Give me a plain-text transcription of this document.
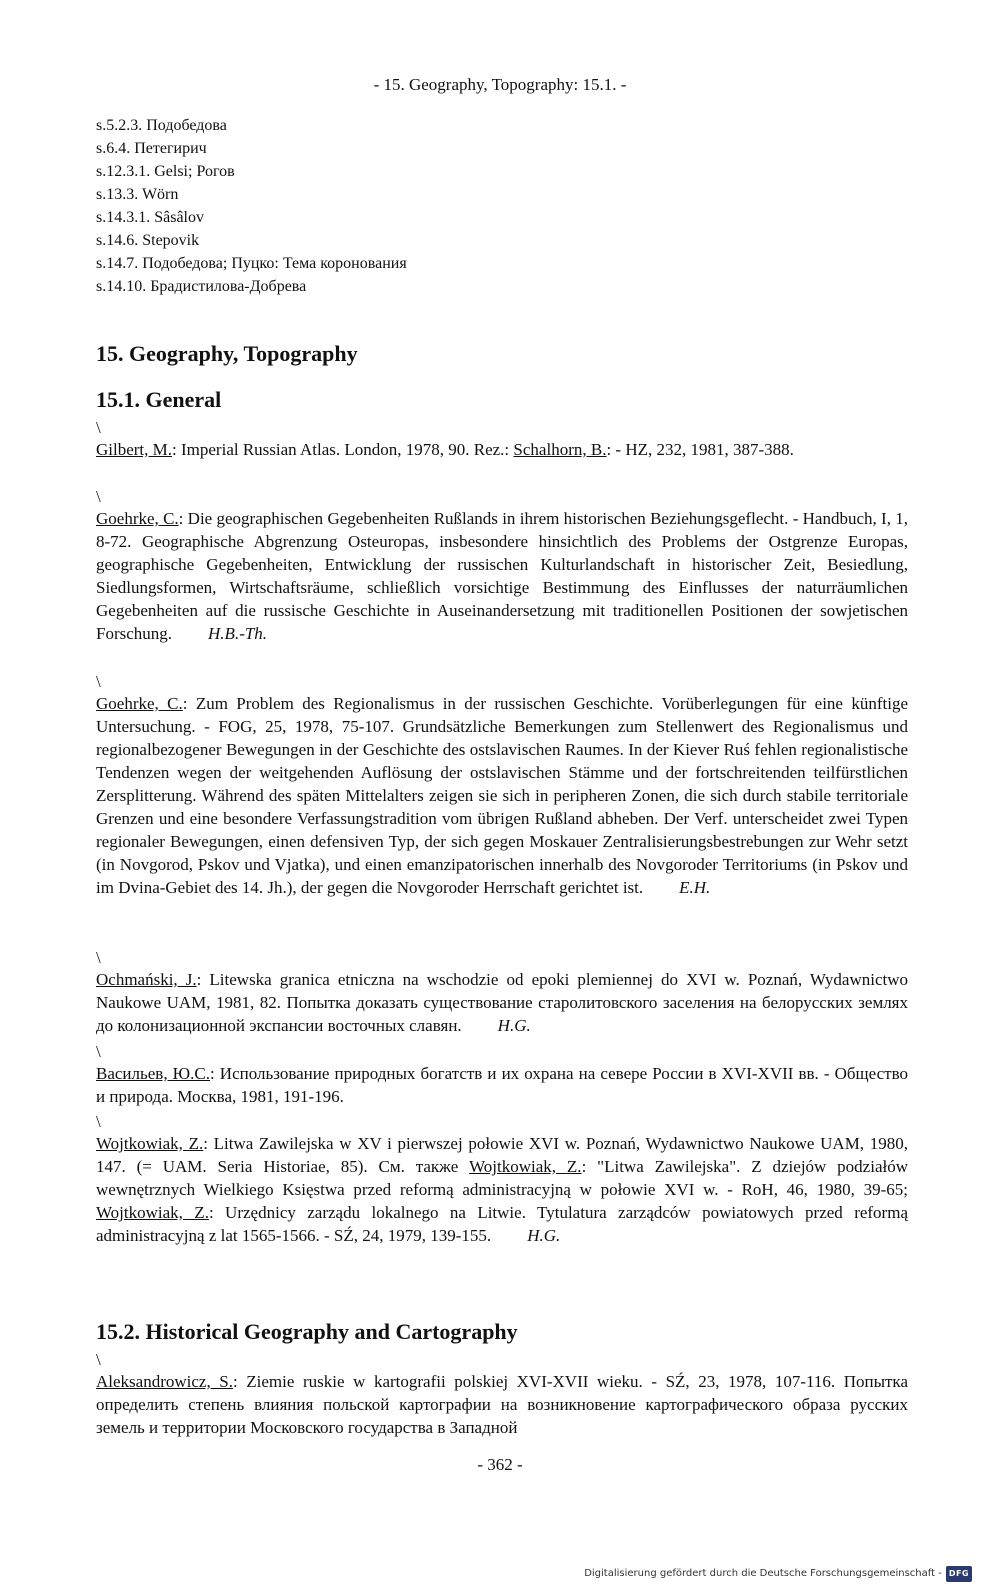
- 15. Geography, Topography: 15.1. -
s.5.2.3. Подобедова
s.6.4. Петегирич
s.12.3.1. Gelsi; Рогов
s.13.3. Wörn
s.14.3.1. Sâsâlov
s.14.6. Stepovik
s.14.7. Подобедова; Пуцко: Тема коронования
s.14.10. Брадистилова-Добрева
15. Geography, Topography
15.1. General
\
Gilbert, M.: Imperial Russian Atlas. London, 1978, 90. Rez.: Schalhorn, B.: - HZ, 232, 1981, 387-388.
\
Goehrke, C.: Die geographischen Gegebenheiten Rußlands in ihrem historischen Beziehungsgeflecht. - Handbuch, I, 1, 8-72. Geographische Abgrenzung Osteuropas, insbesondere hinsichtlich des Problems der Ostgrenze Europas, geographische Gegebenheiten, Entwicklung der russischen Kulturlandschaft in historischer Zeit, Besiedlung, Siedlungsformen, Wirtschaftsräume, schließlich vorsichtige Bestimmung des Einflusses der naturräumlichen Gegebenheiten auf die russische Geschichte in Auseinandersetzung mit traditionellen Positionen der sowjetischen Forschung. H.B.-Th.
\
Goehrke, C.: Zum Problem des Regionalismus in der russischen Geschichte. Vorüberlegungen für eine künftige Untersuchung. - FOG, 25, 1978, 75-107. Grundsätzliche Bemerkungen zum Stellenwert des Regionalismus und regionalbezogener Bewegungen in der Geschichte des ostslavischen Raumes. In der Kiever Ruś fehlen regionalistische Tendenzen wegen der weitgehenden Auflösung der ostslavischen Stämme und der fortschreitenden teilfürstlichen Zersplitterung. Während des späten Mittelalters zeigen sie sich in peripheren Zonen, die sich durch stabile territoriale Grenzen und eine besondere Verfassungstradition vom übrigen Rußland abheben. Der Verf. unterscheidet zwei Typen regionaler Bewegungen, einen defensiven Typ, der sich gegen Moskauer Zentralisierungsbestrebungen zur Wehr setzt (in Novgorod, Pskov und Vjatka), und einen emanzipatorischen innerhalb des Novgoroder Territoriums (in Pskov und im Dvina-Gebiet des 14. Jh.), der gegen die Novgoroder Herrschaft gerichtet ist. E.H.
\
Ochmański, J.: Litewska granica etniczna na wschodzie od epoki plemiennej do XVI w. Poznań, Wydawnictwo Naukowe UAM, 1981, 82. Попытка доказать существование старолитовского заселения на белорусских землях до колонизационной экспансии восточных славян. H.G.
\
Васильев, Ю.С.: Использование природных богатств и их охрана на севере России в XVI-XVII вв. - Общество и природа. Москва, 1981, 191-196.
\
Wojtkowiak, Z.: Litwa Zawilejska w XV i pierwszej połowie XVI w. Poznań, Wydawnictwo Naukowe UAM, 1980, 147. (= UAM. Seria Historiae, 85). См. также Wojtkowiak, Z.: "Litwa Zawilejska". Z dziejów podziałów wewnętrznych Wielkiego Księstwa przed reformą administracyjną w połowie XVI w. - RoH, 46, 1980, 39-65; Wojtkowiak, Z.: Urzędnicy zarządu lokalnego na Litwie. Tytulatura zarządców powiatowych przed reformą administracyjną z lat 1565-1566. - SŹ, 24, 1979, 139-155. H.G.
15.2. Historical Geography and Cartography
\
Aleksandrowicz, S.: Ziemie ruskie w kartografii polskiej XVI-XVII wieku. - SŹ, 23, 1978, 107-116. Попытка определить степень влияния польской картографии на возникновение картографического образа русских земель и территории Московского государства в Западной
- 362 -
Digitalisierung gefördert durch die Deutsche Forschungsgemeinschaft - DFG
